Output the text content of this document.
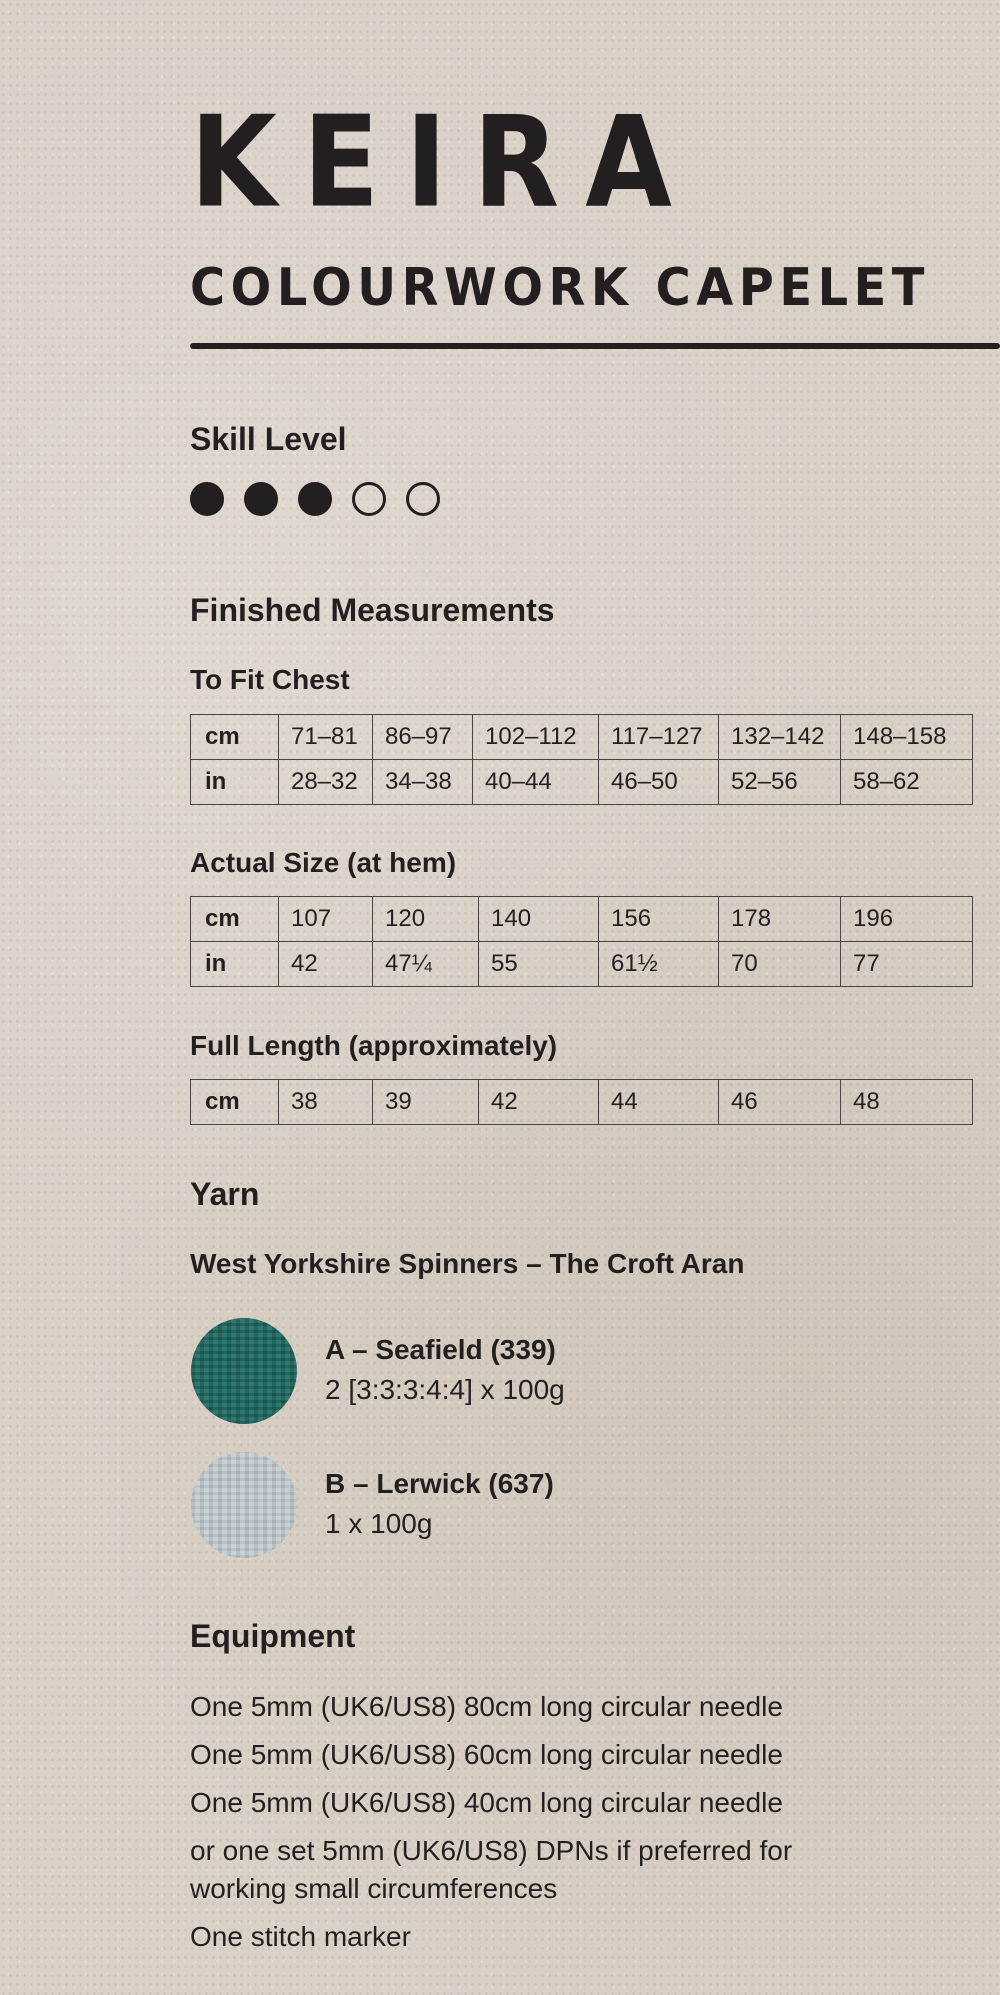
KEIRA
COLOURWORK CAPELET
Skill Level
Finished Measurements
To Fit Chest
cm	71–81	86–97	102–112	117–127	132–142	148–158
in	28–32	34–38	40–44	46–50	52–56	58–62
Actual Size (at hem)
cm	107	120	140	156	178	196
in	42	47¼	55	61½	70	77
Full Length (approximately)
cm	38	39	42	44	46	48
Yarn
West Yorkshire Spinners – The Croft Aran
A – Seafield (339)
2 [3:3:3:4:4] x 100g
B – Lerwick (637)
1 x 100g
Equipment
One 5mm (UK6/US8) 80cm long circular needle
One 5mm (UK6/US8) 60cm long circular needle
One 5mm (UK6/US8) 40cm long circular needle
or one set 5mm (UK6/US8) DPNs if preferred for working small circumferences
One stitch marker
